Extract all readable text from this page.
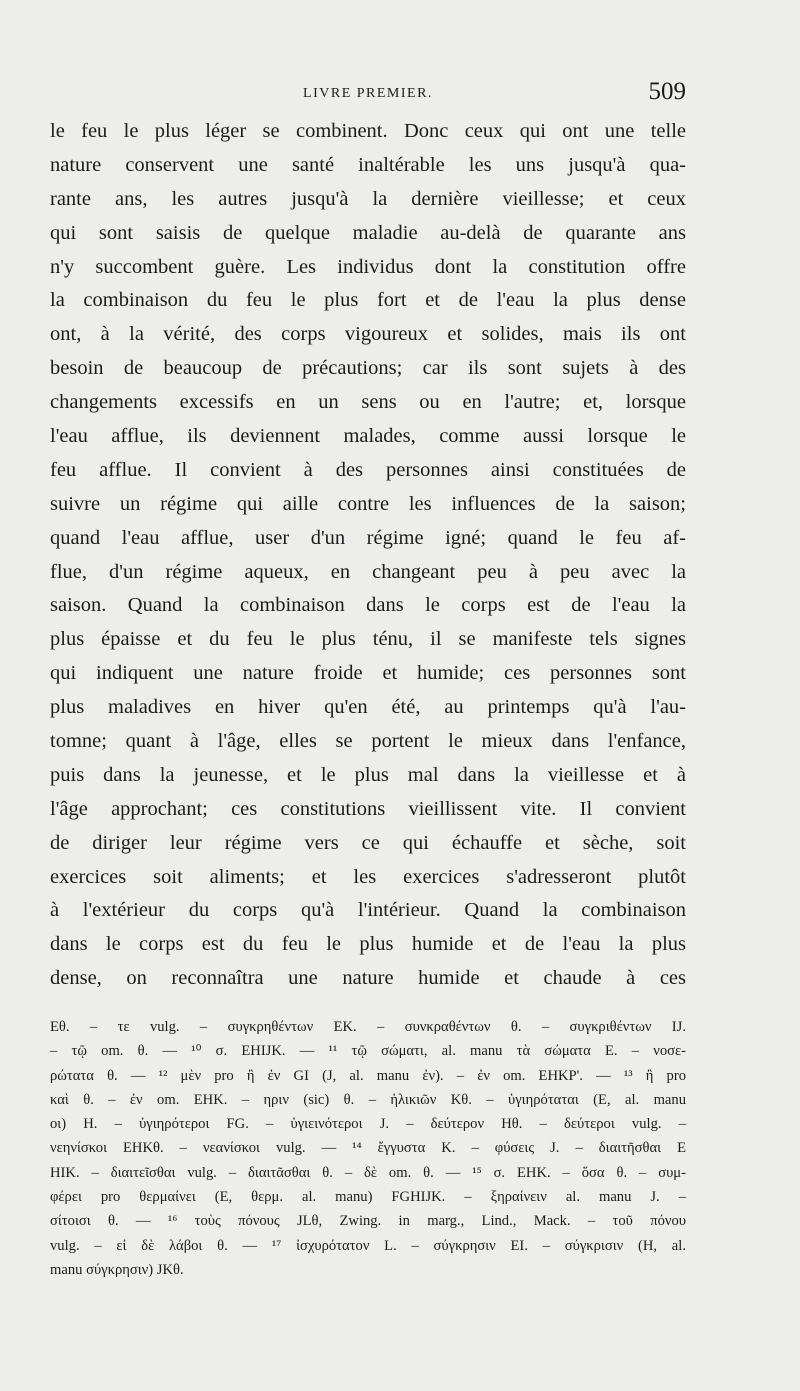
LIVRE PREMIER.	509
le feu le plus léger se combinent. Donc ceux qui ont une telle
nature conservent une santé inaltérable les uns jusqu'à qua-
rante ans, les autres jusqu'à la dernière vieillesse; et ceux
qui sont saisis de quelque maladie au-delà de quarante ans
n'y succombent guère. Les individus dont la constitution offre
la combinaison du feu le plus fort et de l'eau la plus dense
ont, à la vérité, des corps vigoureux et solides, mais ils ont
besoin de beaucoup de précautions; car ils sont sujets à des
changements excessifs en un sens ou en l'autre; et, lorsque
l'eau afflue, ils deviennent malades, comme aussi lorsque le
feu afflue. Il convient à des personnes ainsi constituées de
suivre un régime qui aille contre les influences de la saison;
quand l'eau afflue, user d'un régime igné; quand le feu af-
flue, d'un régime aqueux, en changeant peu à peu avec la
saison. Quand la combinaison dans le corps est de l'eau la
plus épaisse et du feu le plus ténu, il se manifeste tels signes
qui indiquent une nature froide et humide; ces personnes sont
plus maladives en hiver qu'en été, au printemps qu'à l'au-
tomne; quant à l'âge, elles se portent le mieux dans l'enfance,
puis dans la jeunesse, et le plus mal dans la vieillesse et à
l'âge approchant; ces constitutions vieillissent vite. Il convient
de diriger leur régime vers ce qui échauffe et sèche, soit
exercices soit aliments; et les exercices s'adresseront plutôt
à l'extérieur du corps qu'à l'intérieur. Quand la combinaison
dans le corps est du feu le plus humide et de l'eau la plus
dense, on reconnaîtra une nature humide et chaude à ces
Eθ. – τε vulg. – συγκρηθέντων EK. – συνκραθέντων θ. – συγκριθέντων IJ.
– τῷ om. θ. — ¹⁰ σ. EHIJK. — ¹¹ τῷ σώματι, al. manu τὰ σώματα E. – νοσε-
ρώτατα θ. — ¹² μὲν pro ἢ ἐν GI (J, al. manu ἐν). – ἐν om. EHKP'. — ¹³ ἢ pro
καὶ θ. – ἐν om. EHK. – ηριν (sic) θ. – ἡλικιῶν Kθ. – ὑγιηρόταται (E, al. manu
οι) H. – ὑγιηρότεροι FG. – ὑγιεινότεροι J. – δεύτερον Hθ. – δεύτεροι vulg. –
νεηνίσκοι EHKθ. – νεανίσκοι vulg. — ¹⁴ ἔγγυστα K. – φύσεις J. – διαιτῆσθαι E
HIK. – διαιτεῖσθαι vulg. – διαιτᾶσθαι θ. – δὲ om. θ. — ¹⁵ σ. EHK. – ὅσα θ. – συμ-
φέρει pro θερμαίνει (E, θερμ. al. manu) FGHIJK. – ξηραίνειν al. manu J. –
σίτοισι θ. — ¹⁶ τοὺς πόνους JLθ, Zwing. in marg., Lind., Mack. – τοῦ πόνου
vulg. – εἰ δὲ λάβοι θ. — ¹⁷ ἰσχυρότατον L. – σύγκρησιν EI. – σύγκρισιν (H, al.
manu σύγκρησιν) JKθ.
